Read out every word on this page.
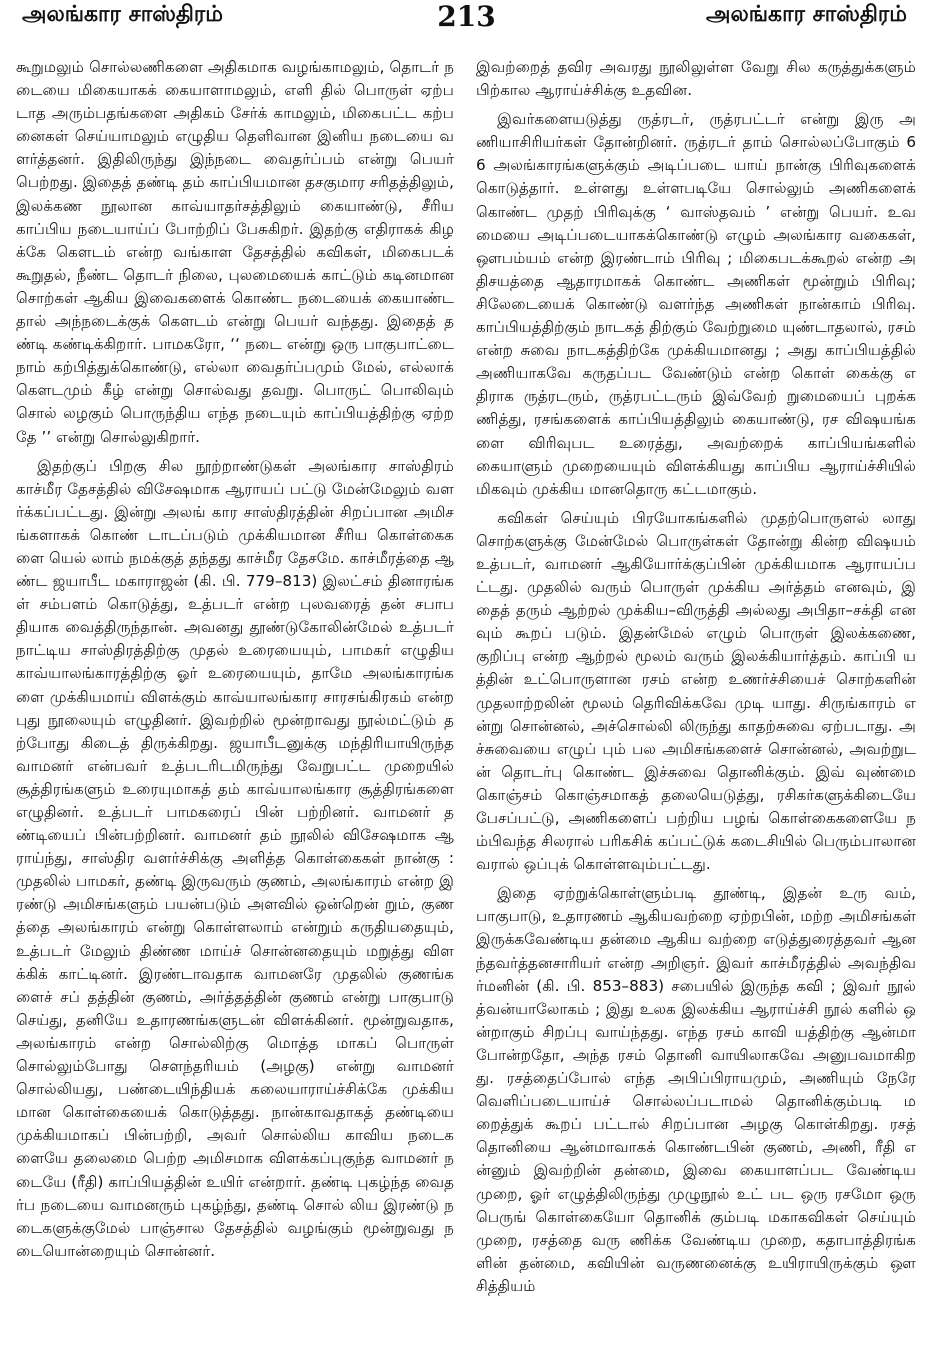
அலங்கார சாஸ்திரம்	213	அலங்கார சாஸ்திரம்

கூறுமலும் சொல்லணிகளை அதிகமாக வழங்காமலும், தொடர் நடையை மிகையாகக் கையாளாமலும், எளி தில் பொருள் ஏற்படாத அரும்பதங்களை அதிகம் சேர்க் காமலும், மிகைபட்ட கற்பனைகள் செய்யாமலும் எழுதிய தெளிவான இனிய நடையை வளர்த்தனர். இதிலிருந்து இந்நடை வைதர்ப்பம் என்று பெயர் பெற்றது. இதைத் தண்டி தம் காப்பியமான தசகுமார சரிதத்திலும், இலக்கண நூலான காவ்யாதர்சத்திலும் கையாண்டு, சீரிய காப்பிய நடையாய்ப் போற்றிப் பேசுகிறர். இதற்கு எதிராகக் கிழக்கே கௌடம் என்ற வங்காள தேசத்தில் கவிகள், மிகைபடக் கூறுதல், நீண்ட தொடர் நிலை, புலமையைக் காட்டும் கடினமான சொற்கள் ஆகிய இவைகளைக் கொண்ட நடையைக் கையாண்ட தால் அந்நடைக்குக் கௌடம் என்று பெயர் வந்தது. இதைத் தண்டி கண்டிக்கிறார். பாமகரோ, ‘‘ நடை என்று ஒரு பாகுபாட்டை நாம் கற்பித்துக்கொண்டு, எல்லா வைதர்ப்பமும் மேல், எல்லாக் கௌடமும் கீழ் என்று சொல்வது தவறு. பொருட் பொலிவும் சொல் லழகும் பொருந்திய எந்த நடையும் காப்பியத்திற்கு ஏற்றதே ’’ என்று சொல்லுகிறார்.

இதற்குப் பிறகு சில நூற்றாண்டுகள் அலங்கார சாஸ்திரம் காச்மீர தேசத்தில் விசேஷமாக ஆராயப் பட்டு மேன்மேலும் வளர்க்கப்பட்டது. இன்று அலங் கார சாஸ்திரத்தின் சிறப்பான அமிசங்களாகக் கொண் டாடப்படும் முக்கியமான சீரிய கொள்கைகளை யெல் லாம் நமக்குத் தந்தது காச்மீர தேசமே. காச்மீரத்தை ஆண்ட ஜயாபீட மகாராஜன் (கி. பி. 779–813) இலட்சம் தினாரங்கள் சம்பளம் கொடுத்து, உத்படர் என்ற புலவரைத் தன் சபாபதியாக வைத்திருந்தான். அவனது தூண்டுகோலின்மேல் உத்படர் நாட்டிய சாஸ்திரத்திற்கு முதல் உரையையும், பாமகர் எழுதிய காவ்யாலங்காரத்திற்கு ஓர் உரையையும், தாமே அலங்காரங்களை முக்கியமாய் விளக்கும் காவ்யாலங்கார சாரசங்கிரகம் என்ற புது நூலையும் எழுதினர். இவற்றில் மூன்றாவது நூல்மட்டும் தற்போது கிடைத் திருக்கிறது. ஜயாபீடனுக்கு மந்திரியாயிருந்த வாமனர் என்பவர் உத்படரிடமிருந்து வேறுபட்ட முறையில் சூத்திரங்களும் உரையுமாகத் தம் காவ்யாலங்கார சூத்திரங்களை எழுதினர். உத்படர் பாமகரைப் பின் பற்றினர். வாமனர் தண்டியைப் பின்பற்றினர். வாமனர் தம் நூலில் விசேஷமாக ஆராய்ந்து, சாஸ்திர வளர்ச்சிக்கு அளித்த கொள்கைகள் நான்கு : முதலில் பாமகர், தண்டி இருவரும் குணம், அலங்காரம் என்ற இரண்டு அமிசங்களும் பயன்படும் அளவில் ஒன்றென் றும், குணத்தை அலங்காரம் என்று கொள்ளலாம் என்றும் கருதியதையும், உத்படர் மேலும் திண்ண மாய்ச் சொன்னதையும் மறுத்து விளக்கிக் காட்டினர். இரண்டாவதாக வாமனரே முதலில் குணங்களைச் சப் தத்தின் குணம், அர்த்தத்தின் குணம் என்று பாகுபாடு செய்து, தனியே உதாரணங்களுடன் விளக்கினர். மூன்றுவதாக, அலங்காரம் என்ற சொல்லிற்கு மொத்த மாகப் பொருள் சொல்லும்போது சௌந்தரியம் (அழகு) என்று வாமனர் சொல்லியது, பண்டையிந்தியக் கலையாராய்ச்சிக்கே முக்கியமான கொள்கையைக் கொடுத்தது. நான்காவதாகத் தண்டியை முக்கியமாகப் பின்பற்றி, அவர் சொல்லிய காவிய நடைகளையே தலைமை பெற்ற அமிசமாக விளக்கப்புகுந்த வாமனர் நடையே (ரீதி) காப்பியத்தின் உயிர் என்றார். தண்டி புகழ்ந்த வைதர்ப நடையை வாமனரும் புகழ்ந்து, தண்டி சொல் லிய இரண்டு நடைகளுக்குமேல் பாஞ்சால தேசத்தில் வழங்கும் மூன்றுவது நடையொன்றையும் சொன்னர்.

இவற்றைத் தவிர அவரது நூலிலுள்ள வேறு சில கருத்துக்களும் பிற்கால ஆராய்ச்சிக்கு உதவின.

இவர்களையடுத்து ருத்ரடர், ருத்ரபட்டர் என்று இரு அணியாசிரியர்கள் தோன்றினர். ருத்ரடர் தாம் சொல்லப்போகும் 66 அலங்காரங்களுக்கும் அடிப்படை யாய் நான்கு பிரிவுகளைக் கொடுத்தார். உள்ளது உள்ளபடியே சொல்லும் அணிகளைக் கொண்ட முதற் பிரிவுக்கு ‘ வாஸ்தவம் ’ என்று பெயர். உவமையை அடிப்படையாகக்கொண்டு எழும் அலங்கார வகைகள், ஔபம்யம் என்ற இரண்டாம் பிரிவு ; மிகைபடக்கூறல் என்ற அதிசயத்தை ஆதாரமாகக் கொண்ட அணிகள் மூன்றும் பிரிவு; சிலேடையைக் கொண்டு வளர்ந்த அணிகள் நான்காம் பிரிவு. காப்பியத்திற்கும் நாடகத் திற்கும் வேற்றுமை யுண்டாதலால், ரசம் என்ற சுவை நாடகத்திற்கே முக்கியமானது ; அது காப்பியத்தில் அணியாகவே கருதப்பட வேண்டும் என்ற கொள் கைக்கு எதிராக ருத்ரடரும், ருத்ரபட்டரும் இவ்வேற் றுமையைப் புறக்கணித்து, ரசங்களைக் காப்பியத்திலும் கையாண்டு, ரச விஷயங்களை விரிவுபட உரைத்து, அவற்றைக் காப்பியங்களில் கையாளும் முறையையும் விளக்கியது காப்பிய ஆராய்ச்சியில் மிகவும் முக்கிய மானதொரு கட்டமாகும்.

கவிகள் செய்யும் பிரயோகங்களில் முதற்பொருளல் லாது சொற்களுக்கு மேன்மேல் பொருள்கள் தோன்று கின்ற விஷயம் உத்படர், வாமனர் ஆகியோர்க்குப்பின் முக்கியமாக ஆராயப்பட்டது. முதலில் வரும் பொருள் முக்கிய அர்த்தம் எனவும், இதைத் தரும் ஆற்றல் முக்கிய–விருத்தி அல்லது அபிதா–சக்தி எனவும் கூறப் படும். இதன்மேல் எழும் பொருள் இலக்கணை, குறிப்பு என்ற ஆற்றல் மூலம் வரும் இலக்கியார்த்தம். காப்பி யத்தின் உட்பொருளான ரசம் என்ற உணர்ச்சியைச் சொற்களின் முதலாற்றலின் மூலம் தெரிவிக்கவே முடி யாது. சிருங்காரம் என்று சொன்னல், அச்சொல்லி லிருந்து காதற்சுவை ஏற்படாது. அச்சுவையை எழுப் பும் பல அமிசங்களைச் சொன்னல், அவற்றுடன் தொடர்பு கொண்ட இச்சுவை தொனிக்கும். இவ் வுண்மை கொஞ்சம் கொஞ்சமாகத் தலையெடுத்து, ரசிகர்களுக்கிடையே பேசப்பட்டு, அணிகளைப் பற்றிய பழங் கொள்கைகளையே நம்பிவந்த சிலரால் பரிகசிக் கப்பட்டுக் கடைசியில் பெரும்பாலானவரால் ஒப்புக் கொள்ளவும்பட்டது.

இதை ஏற்றுக்கொள்ளும்படி தூண்டி, இதன் உரு வம், பாகுபாடு, உதாரணம் ஆகியவற்றை ஏற்றபின், மற்ற அமிசங்கள் இருக்கவேண்டிய தன்மை ஆகிய வற்றை எடுத்துரைத்தவர் ஆனந்தவர்த்தனசாரியர் என்ற அறிஞர். இவர் காச்மீரத்தில் அவந்திவர்மனின் (கி. பி. 853–883) சபையில் இருந்த கவி ; இவர் நூல் த்வன்யாலோகம் ; இது உலக இலக்கிய ஆராய்ச்சி நூல் களில் ஒன்றாகும் சிறப்பு வாய்ந்தது. எந்த ரசம் காவி யத்திற்கு ஆன்மா போன்றதோ, அந்த ரசம் தொனி வாயிலாகவே அனுபவமாகிறது. ரசத்தைப்போல் எந்த அபிப்பிராயமும், அணியும் நேரே வெளிப்படையாய்ச் சொல்லப்படாமல் தொனிக்கும்படி மறைத்துக் கூறப் பட்டால் சிறப்பான அழகு கொள்கிறது. ரசத் தொனியை ஆன்மாவாகக் கொண்டபின் குணம், அணி, ரீதி என்னும் இவற்றின் தன்மை, இவை கையாளப்பட வேண்டிய முறை, ஓர் எழுத்திலிருந்து முழுநூல் உட் பட ஒரு ரசமோ ஒரு பெருங் கொள்கையோ தொனிக் கும்படி மகாகவிகள் செய்யும் முறை, ரசத்தை வரு ணிக்க வேண்டிய முறை, கதாபாத்திரங்களின் தன்மை, கவியின் வருணனைக்கு உயிராயிருக்கும் ஔசித்தியம்
